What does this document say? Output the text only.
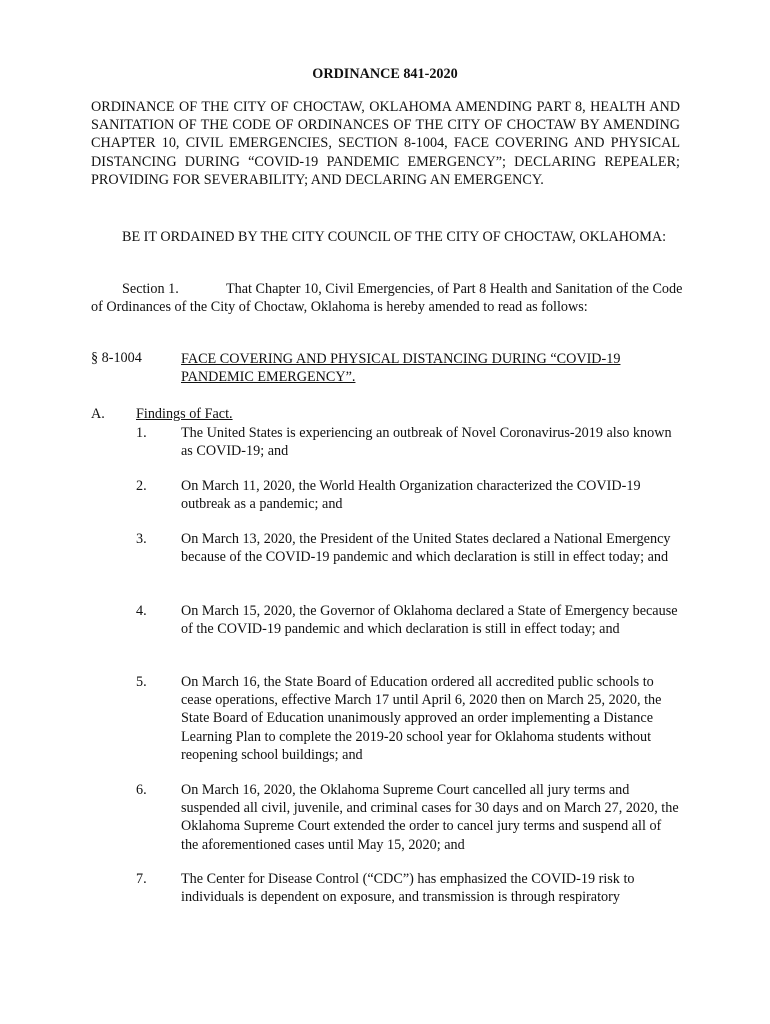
ORDINANCE 841-2020
ORDINANCE OF THE CITY OF CHOCTAW, OKLAHOMA AMENDING PART 8, HEALTH AND SANITATION OF THE CODE OF ORDINANCES OF THE CITY OF CHOCTAW BY AMENDING CHAPTER 10, CIVIL EMERGENCIES, SECTION 8-1004, FACE COVERING AND PHYSICAL DISTANCING DURING “COVID-19 PANDEMIC EMERGENCY”; DECLARING REPEALER; PROVIDING FOR SEVERABILITY; AND DECLARING AN EMERGENCY.
BE IT ORDAINED BY THE CITY COUNCIL OF THE CITY OF CHOCTAW, OKLAHOMA:
Section 1.	That Chapter 10, Civil Emergencies, of Part 8 Health and Sanitation of the Code of Ordinances of the City of Choctaw, Oklahoma is hereby amended to read as follows:
§ 8-1004	FACE COVERING AND PHYSICAL DISTANCING DURING “COVID-19 PANDEMIC EMERGENCY”.
A. Findings of Fact.
1. The United States is experiencing an outbreak of Novel Coronavirus-2019 also known as COVID-19; and
2. On March 11, 2020, the World Health Organization characterized the COVID-19 outbreak as a pandemic; and
3. On March 13, 2020, the President of the United States declared a National Emergency because of the COVID-19 pandemic and which declaration is still in effect today; and
4. On March 15, 2020, the Governor of Oklahoma declared a State of Emergency because of the COVID-19 pandemic and which declaration is still in effect today; and
5. On March 16, the State Board of Education ordered all accredited public schools to cease operations, effective March 17 until April 6, 2020 then on March 25, 2020, the State Board of Education unanimously approved an order implementing a Distance Learning Plan to complete the 2019-20 school year for Oklahoma students without reopening school buildings; and
6. On March 16, 2020, the Oklahoma Supreme Court cancelled all jury terms and suspended all civil, juvenile, and criminal cases for 30 days and on March 27, 2020, the Oklahoma Supreme Court extended the order to cancel jury terms and suspend all of the aforementioned cases until May 15, 2020; and
7. The Center for Disease Control (“CDC”) has emphasized the COVID-19 risk to individuals is dependent on exposure, and transmission is through respiratory
